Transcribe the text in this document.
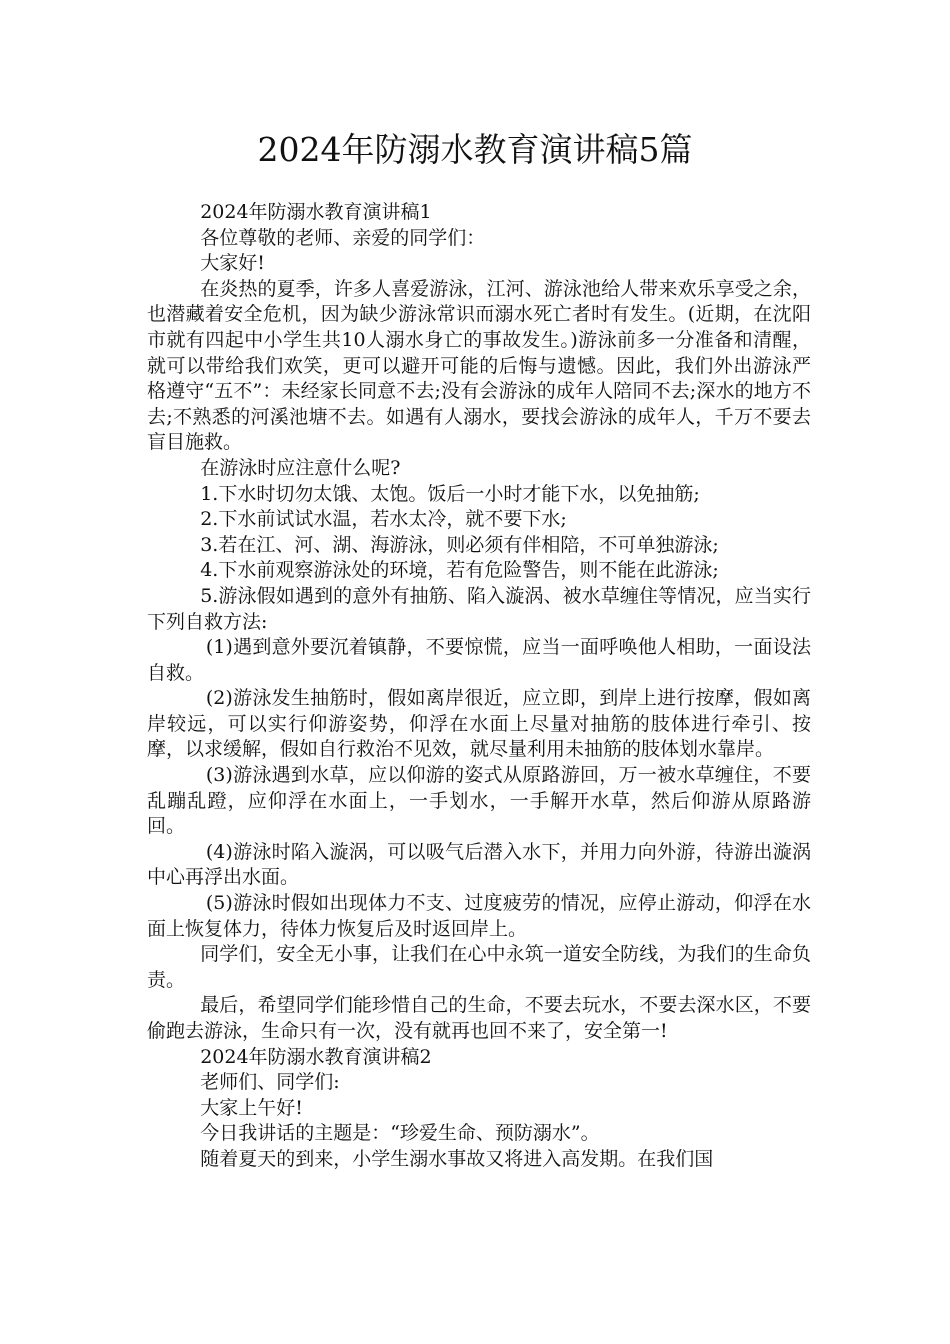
2024年防溺水教育演讲稿5篇

2024年防溺水教育演讲稿1

各位尊敬的老师、亲爱的同学们：

大家好!

在炎热的夏季，许多人喜爱游泳，江河、游泳池给人带来欢乐享受之余，也潜藏着安全危机，因为缺少游泳常识而溺水死亡者时有发生。(近期，在沈阳市就有四起中小学生共10人溺水身亡的事故发生。)游泳前多一分准备和清醒，就可以带给我们欢笑，更可以避开可能的后悔与遗憾。因此，我们外出游泳严格遵守“五不”：未经家长同意不去;没有会游泳的成年人陪同不去;深水的地方不去;不熟悉的河溪池塘不去。如遇有人溺水，要找会游泳的成年人，千万不要去盲目施救。

在游泳时应注意什么呢?

1.下水时切勿太饿、太饱。饭后一小时才能下水，以免抽筋;

2.下水前试试水温，若水太冷，就不要下水;

3.若在江、河、湖、海游泳，则必须有伴相陪，不可单独游泳;

4.下水前观察游泳处的环境，若有危险警告，则不能在此游泳;

5.游泳假如遇到的意外有抽筋、陷入漩涡、被水草缠住等情况，应当实行下列自救方法:

(1)遇到意外要沉着镇静，不要惊慌，应当一面呼唤他人相助，一面设法自救。

(2)游泳发生抽筋时，假如离岸很近，应立即，到岸上进行按摩，假如离岸较远，可以实行仰游姿势，仰浮在水面上尽量对抽筋的肢体进行牵引、按摩，以求缓解，假如自行救治不见效，就尽量利用未抽筋的肢体划水靠岸。

(3)游泳遇到水草，应以仰游的姿式从原路游回，万一被水草缠住，不要乱蹦乱蹬，应仰浮在水面上，一手划水，一手解开水草，然后仰游从原路游回。

(4)游泳时陷入漩涡，可以吸气后潜入水下，并用力向外游，待游出漩涡中心再浮出水面。

(5)游泳时假如出现体力不支、过度疲劳的情况，应停止游动，仰浮在水面上恢复体力，待体力恢复后及时返回岸上。

同学们，安全无小事，让我们在心中永筑一道安全防线，为我们的生命负责。

最后，希望同学们能珍惜自己的生命，不要去玩水，不要去深水区，不要偷跑去游泳，生命只有一次，没有就再也回不来了，安全第一!

2024年防溺水教育演讲稿2

老师们、同学们:

大家上午好!

今日我讲话的主题是：“珍爱生命、预防溺水”。

随着夏天的到来，小学生溺水事故又将进入高发期。在我们国
